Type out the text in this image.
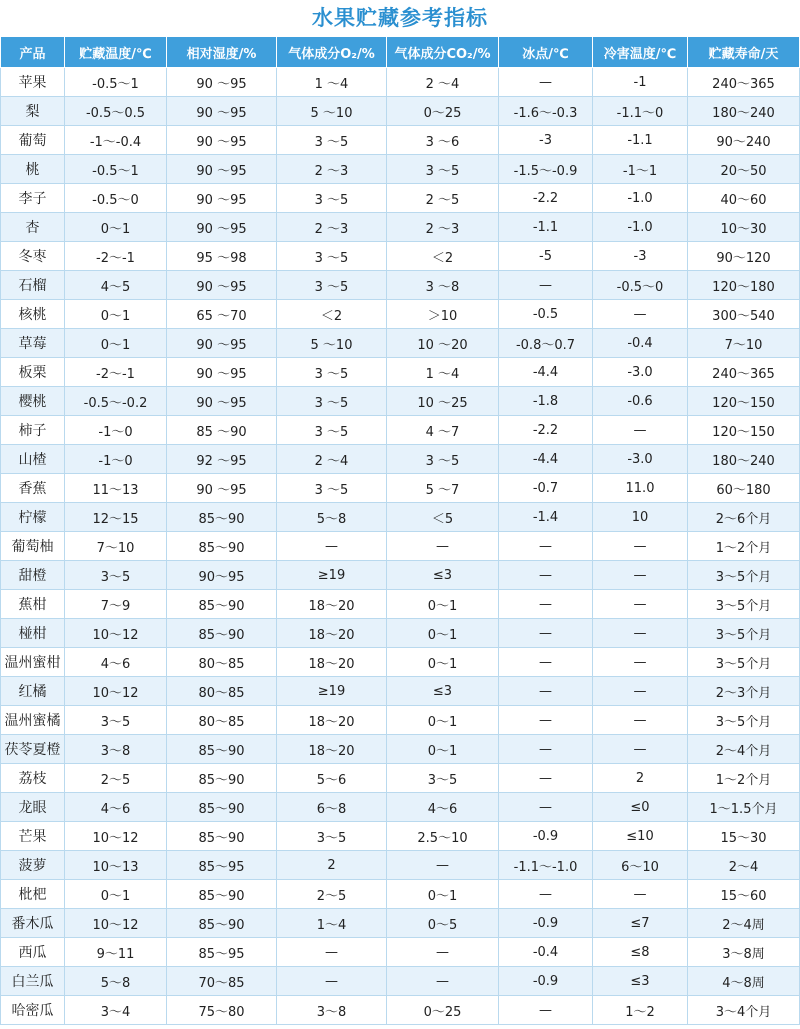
水果贮藏参考指标
产品	贮藏温度/℃	相对湿度/%	气体成分O₂/%	气体成分CO₂/%	冰点/℃	冷害温度/℃	贮藏寿命/天
苹果	-0.5～1	90 ～95	1 ～4	2 ～4	—	-1	240～365
梨	-0.5～0.5	90 ～95	5 ～10	0～25	-1.6～-0.3	-1.1～0	180～240
葡萄	-1～-0.4	90 ～95	3 ～5	3 ～6	-3	-1.1	90～240
桃	-0.5～1	90 ～95	2 ～3	3 ～5	-1.5～-0.9	-1～1	20～50
李子	-0.5～0	90 ～95	3 ～5	2 ～5	-2.2	-1.0	40～60
杏	0～1	90 ～95	2 ～3	2 ～3	-1.1	-1.0	10～30
冬枣	-2～-1	95 ～98	3 ～5	＜2	-5	-3	90～120
石榴	4～5	90 ～95	3 ～5	3 ～8	—	-0.5～0	120～180
核桃	0～1	65 ～70	＜2	＞10	-0.5	—	300～540
草莓	0～1	90 ～95	5 ～10	10 ～20	-0.8～0.7	-0.4	7～10
板栗	-2～-1	90 ～95	3 ～5	1 ～4	-4.4	-3.0	240～365
樱桃	-0.5～-0.2	90 ～95	3 ～5	10 ～25	-1.8	-0.6	120～150
柿子	-1～0	85 ～90	3 ～5	4 ～7	-2.2	—	120～150
山楂	-1～0	92 ～95	2 ～4	3 ～5	-4.4	-3.0	180～240
香蕉	11～13	90 ～95	3 ～5	5 ～7	-0.7	11.0	60～180
柠檬	12～15	85～90	5～8	＜5	-1.4	10	2～6个月
葡萄柚	7～10	85～90	—	—	—	—	1～2个月
甜橙	3～5	90～95	≥19	≤3	—	—	3～5个月
蕉柑	7～9	85～90	18～20	0～1	—	—	3～5个月
椪柑	10～12	85～90	18～20	0～1	—	—	3～5个月
温州蜜柑	4～6	80～85	18～20	0～1	—	—	3～5个月
红橘	10～12	80～85	≥19	≤3	—	—	2～3个月
温州蜜橘	3～5	80～85	18～20	0～1	—	—	3～5个月
茯苓夏橙	3～8	85～90	18～20	0～1	—	—	2～4个月
荔枝	2～5	85～90	5～6	3～5	—	2	1～2个月
龙眼	4～6	85～90	6～8	4～6	—	≤0	1～1.5个月
芒果	10～12	85～90	3～5	2.5～10	-0.9	≤10	15～30
菠萝	10～13	85～95	2	—	-1.1～-1.0	6～10	2～4
枇杷	0～1	85～90	2～5	0～1	—	—	15～60
番木瓜	10～12	85～90	1～4	0～5	-0.9	≤7	2～4周
西瓜	9～11	85～95	—	—	-0.4	≤8	3～8周
白兰瓜	5～8	70～85	—	—	-0.9	≤3	4～8周
哈密瓜	3～4	75～80	3～8	0～25	—	1～2	3～4个月
